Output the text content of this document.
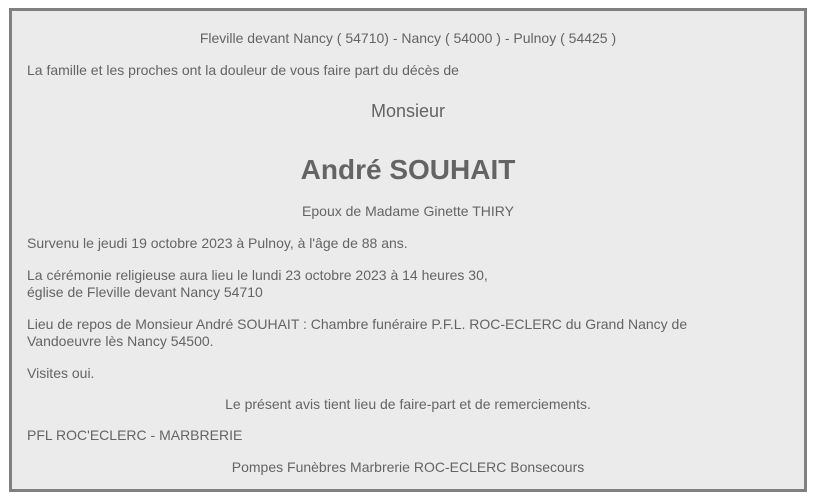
Fleville devant Nancy ( 54710) - Nancy ( 54000 ) - Pulnoy ( 54425 )
La famille et les proches ont la douleur de vous faire part du décès de
Monsieur
André SOUHAIT
Epoux de Madame Ginette THIRY
Survenu le jeudi 19 octobre 2023 à Pulnoy, à l'âge de 88 ans.
La cérémonie religieuse aura lieu le lundi 23 octobre 2023 à 14 heures 30,
église de Fleville devant Nancy 54710
Lieu de repos de Monsieur André SOUHAIT : Chambre funéraire P.F.L. ROC-ECLERC du Grand Nancy de
Vandoeuvre lès Nancy 54500.
Visites oui.
Le présent avis tient lieu de faire-part et de remerciements.
PFL ROC'ECLERC - MARBRERIE
Pompes Funèbres Marbrerie ROC-ECLERC Bonsecours
